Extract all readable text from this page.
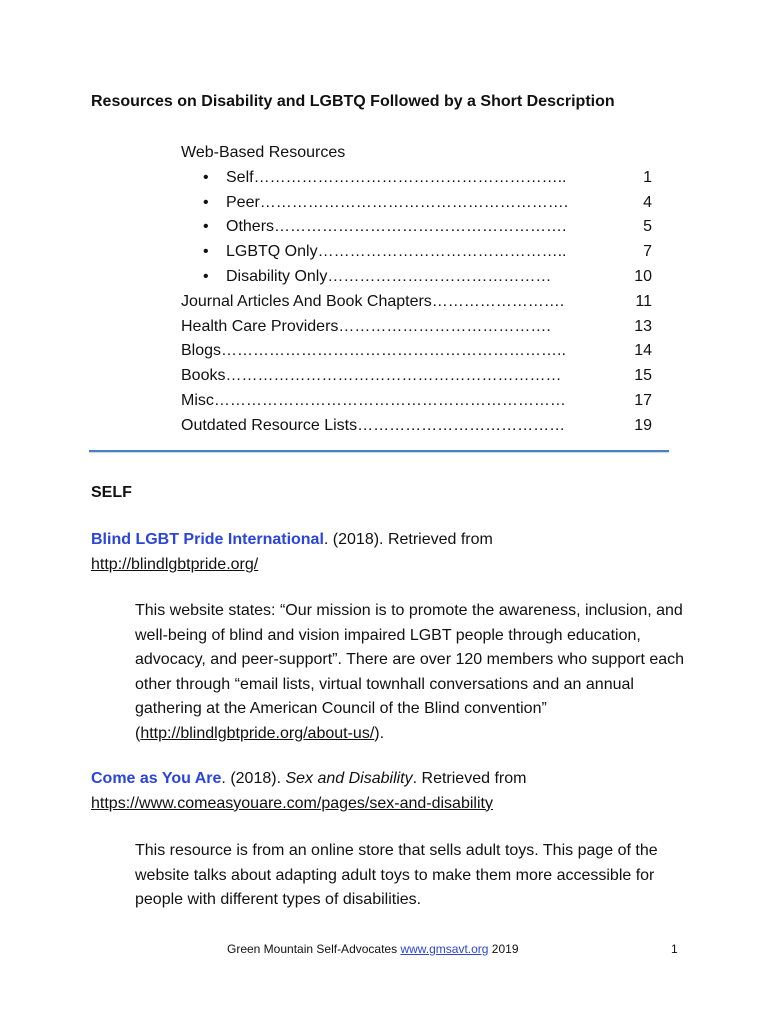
Resources on Disability and LGBTQ Followed by a Short Description
Web-Based Resources
• Self…………………………………………………..	1
• Peer………………………………………………….	4
• Others……………………………………………….	5
• LGBTQ Only………………………………………..	7
• Disability Only……………………………………	10
Journal Articles And Book Chapters…………………….	11
Health Care Providers………………………………….	13
Blogs………………………………………………………..	14
Books………………………………………………………	15
Misc…………………………………………………………	17
Outdated Resource Lists…………………………………	19
SELF
Blind LGBT Pride International. (2018). Retrieved from
http://blindlgbtpride.org/
This website states: “Our mission is to promote the awareness, inclusion, and well-being of blind and vision impaired LGBT people through education, advocacy, and peer-support”. There are over 120 members who support each other through “email lists, virtual townhall conversations and an annual gathering at the American Council of the Blind convention” (http://blindlgbtpride.org/about-us/).
Come as You Are. (2018). Sex and Disability. Retrieved from
https://www.comeasyouare.com/pages/sex-and-disability
This resource is from an online store that sells adult toys. This page of the website talks about adapting adult toys to make them more accessible for people with different types of disabilities.
Green Mountain Self-Advocates www.gmsavt.org 2019	1
